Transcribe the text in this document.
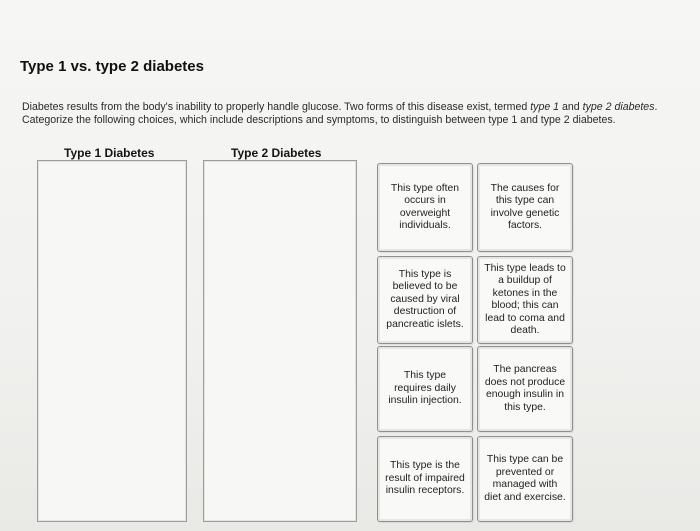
Type 1 vs. type 2 diabetes
Diabetes results from the body's inability to properly handle glucose. Two forms of this disease exist, termed type 1 and type 2 diabetes. Categorize the following choices, which include descriptions and symptoms, to distinguish between type 1 and type 2 diabetes.
Type 1 Diabetes	Type 2 Diabetes
This type often occurs in overweight individuals.
The causes for this type can involve genetic factors.
This type is believed to be caused by viral destruction of pancreatic islets.
This type leads to a buildup of ketones in the blood; this can lead to coma and death.
This type requires daily insulin injection.
The pancreas does not produce enough insulin in this type.
This type is the result of impaired insulin receptors.
This type can be prevented or managed with diet and exercise.
